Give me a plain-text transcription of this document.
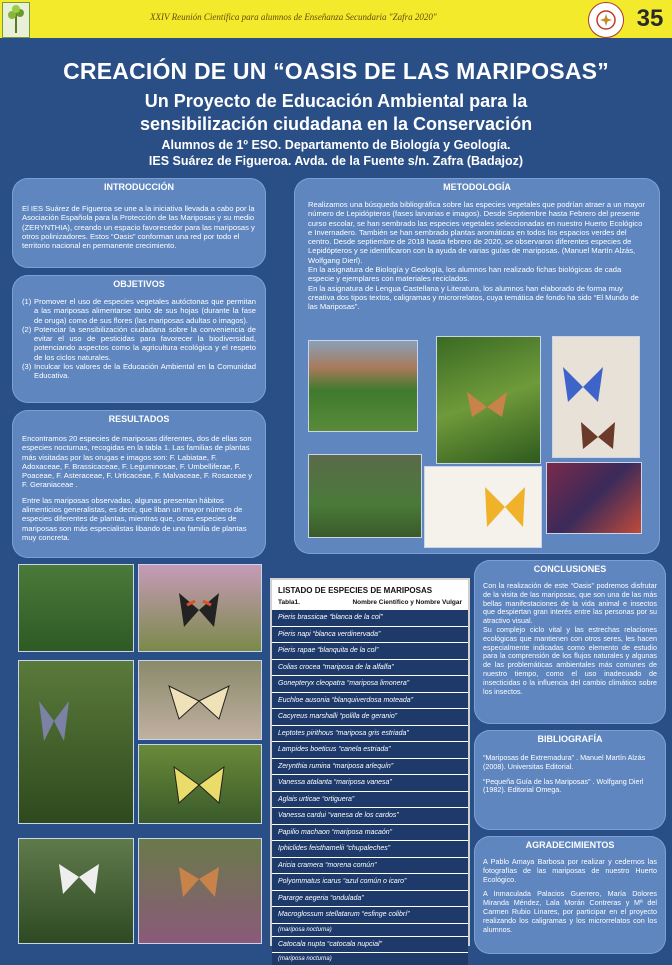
XXIV Reunión Científica para alumnos de Enseñanza Secundaria "Zafra 2020"	35
CREACIÓN DE UN “OASIS DE LAS MARIPOSAS”
Un Proyecto de Educación Ambiental para la
sensibilización ciudadana en la Conservación
Alumnos de 1º ESO. Departamento de Biología y Geología.
IES Suárez de Figueroa. Avda. de la Fuente s/n. Zafra (Badajoz)
INTRODUCCIÓN

El IES Suárez de Figueroa se une a la iniciativa llevada a cabo por la Asociación Española para la Protección de las Mariposas y su medio (ZERYNTHIA), creando un espacio favorecedor para las mariposas y otros polinizadores. Estos “Oasis” conforman una red por todo el territorio nacional en permanente crecimiento.

OBJETIVOS
(1) Promover el uso de especies vegetales autóctonas que permitan a las mariposas alimentarse tanto de sus hojas (durante la fase de oruga) como de sus flores (las mariposas adultas o imagos).
(2) Potenciar la sensibilización ciudadana sobre la conveniencia de evitar el uso de pesticidas para favorecer la biodiversidad, potenciando aspectos como la agricultura ecológica y el respeto de los ciclos naturales.
(3) Inculcar los valores de la Educación Ambiental en la Comunidad Educativa.
RESULTADOS

Encontramos 20 especies de mariposas diferentes, dos de ellas son especies nocturnas, recogidas en la tabla 1. Las familias de plantas más visitadas por las orugas e imagos son: F. Labiatae, F. Adoxaceae, F. Brassicaceae, F. Leguminosae, F. Umbelliferae, F. Poaceae, F. Asteraceae, F. Urticaceae, F. Malvaceae, F. Rosaceae y F. Geraniaceae .

Entre las mariposas observadas, algunas presentan hábitos alimenticios generalistas, es decir, que liban un mayor número de especies diferentes de plantas, mientras que, otras especies de mariposas son más especialistas libando de una familia de plantas muy concreta.

METODOLOGÍA
Realizamos una búsqueda bibliográfica sobre las especies vegetales que podrían atraer a un mayor número de Lepidópteros (fases larvarias e imagos). Desde Septiembre hasta Febrero del presente curso escolar, se han sembrado las especies vegetales seleccionadas en nuestro Huerto Ecológico e Invernadero. También se han sembrado plantas aromáticas en todos los espacios verdes del centro. Desde septiembre de 2018 hasta febrero de 2020, se observaron diferentes especies de Lepidópteros y se identificaron con la ayuda de varias guías de mariposas. (Manuel Martín Alzás, Wolfgang Dierl).
En la asignatura de Biología y Geología, los alumnos han realizado fichas biológicas de cada especie y ejemplares con materiales reciclados.
En la asignatura de Lengua Castellana y Literatura, los alumnos han elaborado de forma muy creativa dos tipos textos, caligramas y microrrelatos, cuya temática de fondo ha sido “El Mundo de las Mariposas”.
LISTADO DE ESPECIES DE MARIPOSAS
Tabla1.	Nombre Científico y Nombre Vulgar
Pieris brassicae “blanca de la col”
Pieris napi “blanca verdinervada”
Pieris rapae “blanquita de la col”
Colias crocea “mariposa de la alfalfa”
Gonepteryx cleopatra “mariposa limonera”
Euchloe ausonia “blanquiverdosa moteada”
Cacyreus marshalli “polilla de geranio”
Leptotes pirithous “mariposa gris estriada”
Lampides boeticus “canela estriada”
Zerynthia rumina “mariposa arlequín”
Vanessa atalanta “mariposa vanesa”
Aglais urticae “ortiguera”
Vanessa cardui “vanesa de los cardos”
Papilio machaon “mariposa macaón”
Iphiclides feisthamelii “chupaleches”
Aricia cramera “morena común”
Polyommatus icarus “azul común o icaro”
Pararge aegeria “ondulada”
Macroglossum stellatarum “esfinge colibrí”
(mariposa nocturna)
Catocala nupta “catocala nupcial”
(mariposa nocturna)
CONCLUSIONES
Con la realización de este “Oasis” podremos disfrutar de la visita de las mariposas, que son una de las más bellas manifestaciones de la vida animal e insectos que despiertan gran interés entre las personas por su atractivo visual.
Su complejo ciclo vital y las estrechas relaciones ecológicas que mantienen con otros seres, les hacen especialmente indicadas como elemento de estudio para la comprensión de los flujos naturales y algunas de las problemáticas ambientales más comunes de nuestro tiempo, como el uso inadecuado de insecticidas o la influencia del cambio climático sobre los insectos.
BIBLIOGRAFÍA

“Mariposas de Extremadura” . Manuel Martín Alzás (2008). Universitas Editorial.

“Pequeña Guía de las Mariposas” . Wolfgang Dierl (1982). Editorial Omega.

AGRADECIMIENTOS

A Pablo Amaya Barbosa por realizar y cedernos las fotografías de las mariposas de nuestro Huerto Ecológico.

A Inmaculada Palacios Guerrero, María Dolores Miranda Méndez, Lala Morán Contreras y Mª del Carmen Rubio Linares, por participar en el proyecto realizando los caligramas y los microrrelatos con los alumnos.
